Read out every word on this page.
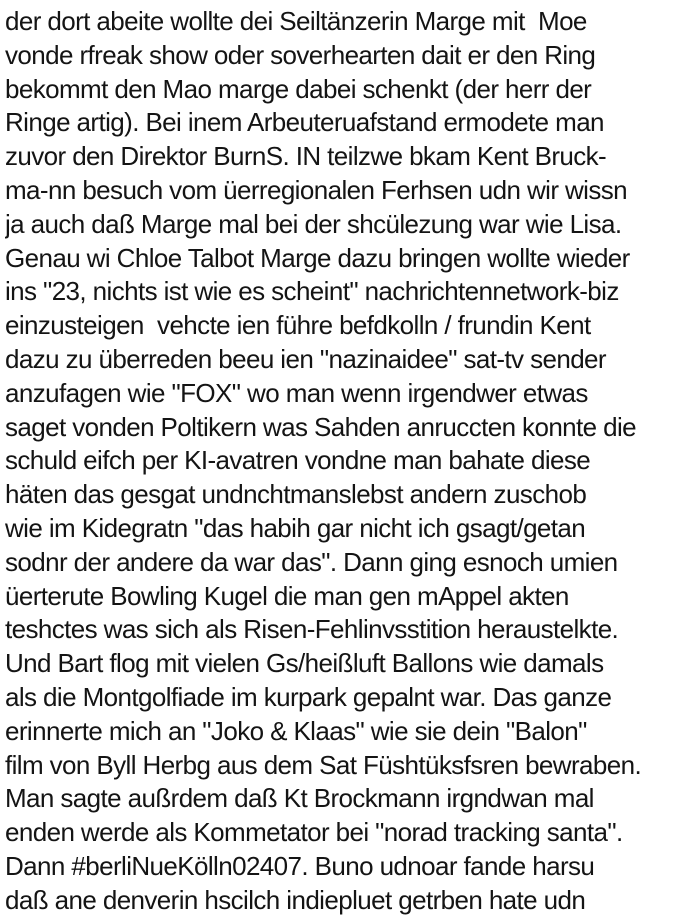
der dort abeite wollte dei Seiltänzerin Marge mit  Moe
vonde rfreak show oder soverhearten dait er den Ring
bekommt den Mao marge dabei schenkt (der herr der
Ringe artig). Bei inem Arbeuteruafstand ermodete man
zuvor den Direktor BurnS. IN teilzwe bkam Kent Bruck-
ma-nn besuch vom üerregionalen Ferhsen udn wir wissn
ja auch daß Marge mal bei der shcülezung war wie Lisa.
Genau wi Chloe Talbot Marge dazu bringen wollte wieder
ins "23, nichts ist wie es scheint" nachrichtennetwork-biz
einzusteigen  vehcte ien führe befdkolln / frundin Kent
dazu zu überreden beeu ien "nazinaidee" sat-tv sender
anzufagen wie "FOX" wo man wenn irgendwer etwas
saget vonden Poltikern was Sahden anruccten konnte die
schuld eifch per KI-avatren vondne man bahate diese
häten das gesgat undnchtmanslebst andern zuschob
wie im Kidegratn "das habih gar nicht ich gsagt/getan
sodnr der andere da war das". Dann ging esnoch umien
üerterute Bowling Kugel die man gen mAppel akten
teshctes was sich als Risen-Fehlinvsstition heraustelkte.
Und Bart flog mit vielen Gs/heißluft Ballons wie damals
als die Montgolfiade im kurpark gepalnt war. Das ganze
erinnerte mich an "Joko & Klaas" wie sie dein "Balon"
film von Byll Herbg aus dem Sat Füshtüksfsren bewraben.
Man sagte außrdem daß Kt Brockmann irgndwan mal
enden werde als Kommetator bei "norad tracking santa".
Dann #berliNueKölln02407. Buno udnoar fande harsu
daß ane denverin hscilch indiepluet getrben hate udn
